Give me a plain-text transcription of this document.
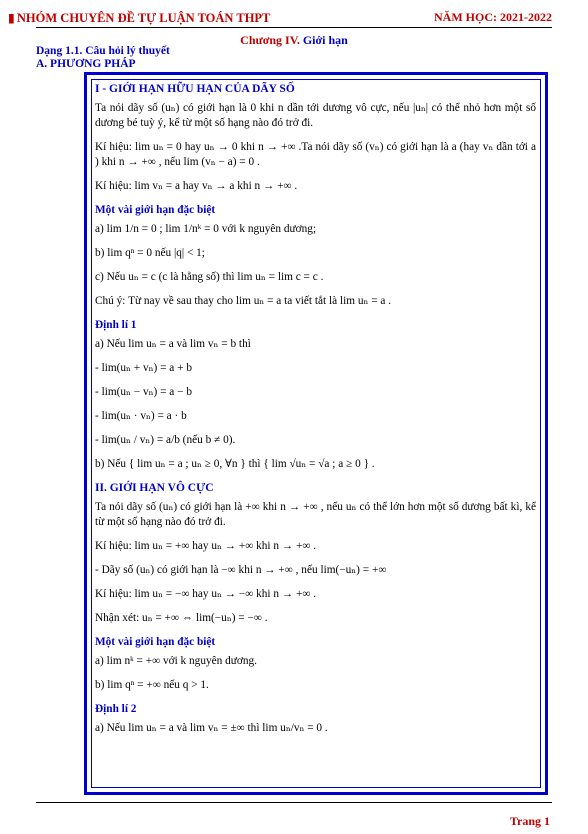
▮ NHÓM CHUYÊN ĐỀ TỰ LUẬN TOÁN THPT	NĂM HỌC: 2021-2022
Chương IV. Giới hạn
Dạng 1.1. Câu hỏi lý thuyết
A. PHƯƠNG PHÁP

I - GIỚI HẠN HỮU HẠN CỦA DÃY SỐ

Ta nói dãy số (uₙ) có giới hạn là 0 khi n dần tới dương vô cực, nếu |uₙ| có thể nhỏ hơn một số dương bé tuỳ ý, kể từ một số hạng nào đó trở đi.

Kí hiệu: lim uₙ = 0 hay uₙ → 0 khi n → +∞ .Ta nói dãy số (vₙ) có giới hạn là a (hay vₙ dần tới a ) khi n → +∞ , nếu lim (vₙ − a) = 0 .

Kí hiệu: lim vₙ = a hay vₙ → a khi n → +∞ .

Một vài giới hạn đặc biệt

a) lim 1/n = 0 ; lim 1/nᵏ = 0 với k nguyên dương;

b) lim qⁿ = 0 nếu |q| < 1;

c) Nếu uₙ = c (c là hằng số) thì lim uₙ = lim c = c .

Chú ý: Từ nay về sau thay cho lim uₙ = a ta viết tắt là lim uₙ = a .

Định lí 1

a) Nếu lim uₙ = a và lim vₙ = b thì

- lim(uₙ + vₙ) = a + b

- lim(uₙ − vₙ) = a − b

- lim(uₙ · vₙ) = a · b

- lim(uₙ / vₙ) = a/b (nếu b ≠ 0).

b) Nếu { lim uₙ = a ; uₙ ≥ 0, ∀n } thì { lim √uₙ = √a ; a ≥ 0 } .

II. GIỚI HẠN VÔ CỰC

Ta nói dãy số (uₙ) có giới hạn là +∞ khi n → +∞ , nếu uₙ có thể lớn hơn một số dương bất kì, kể từ một số hạng nào đó trở đi.

Kí hiệu: lim uₙ = +∞ hay uₙ → +∞ khi n → +∞ .

- Dãy số (uₙ) có giới hạn là −∞ khi n → +∞ , nếu lim(−uₙ) = +∞

Kí hiệu: lim uₙ = −∞ hay uₙ → −∞ khi n → +∞ .

Nhận xét: uₙ = +∞ ⇔ lim(−uₙ) = −∞ .

Một vài giới hạn đặc biệt

a) lim nᵏ = +∞ với k nguyên dương.

b) lim qⁿ = +∞ nếu q > 1.

Định lí 2

a) Nếu lim uₙ = a và lim vₙ = ±∞ thì lim uₙ/vₙ = 0 .

Trang 1
